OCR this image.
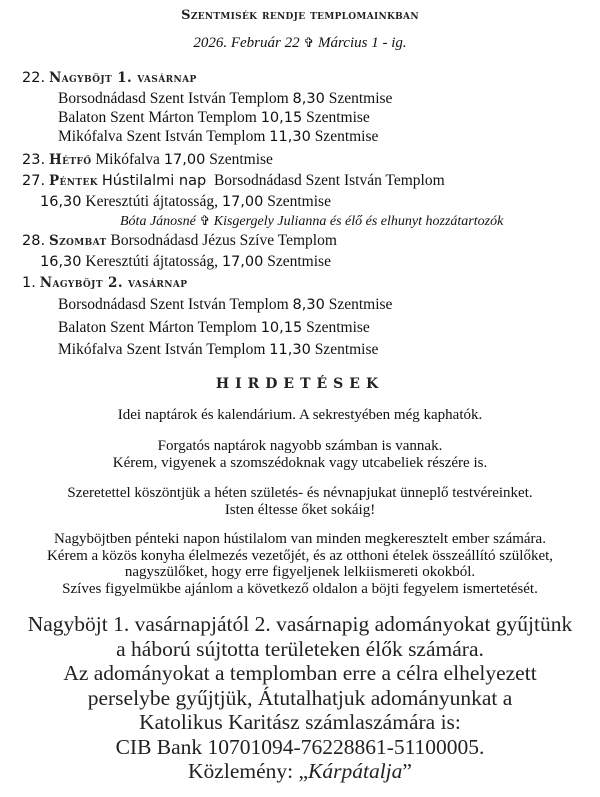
Szentmisék rendje templomainkban
2026. Február 22 ✞ Március 1 - ig.
22. Nagyböjt 1. vasárnap
Borsodnádasd Szent István Templom 8,30 Szentmise
Balaton Szent Márton Templom 10,15 Szentmise
Mikófalva Szent István Templom 11,30 Szentmise
23. Hétfő Mikófalva 17,00 Szentmise
27. Péntek Hústilalmi nap Borsodnádasd Szent István Templom
16,30 Keresztúti ájtatosság, 17,00 Szentmise
Bóta Jánosné ✞ Kisgergely Julianna és élő és elhunyt hozzátartozók
28. Szombat Borsodnádasd Jézus Szíve Templom
16,30 Keresztúti ájtatosság, 17,00 Szentmise
1. Nagyböjt 2. vasárnap
Borsodnádasd Szent István Templom 8,30 Szentmise
Balaton Szent Márton Templom 10,15 Szentmise
Mikófalva Szent István Templom 11,30 Szentmise
HIRDETÉSEK
Idei naptárok és kalendárium. A sekrestyében még kaphatók.
Forgatós naptárok nagyobb számban is vannak.
Kérem, vigyenek a szomszédoknak vagy utcabeliek részére is.
Szeretettel köszöntjük a héten születés- és névnapjukat ünneplő testvéreinket.
Isten éltesse őket sokáig!
Nagyböjtben pénteki napon hústilalom van minden megkeresztelt ember számára.
Kérem a közös konyha élelmezés vezetőjét, és az otthoni ételek összeállító szülőket,
nagyszülőket, hogy erre figyeljenek lelkiismereti okokból.
Szíves figyelmükbe ajánlom a következő oldalon a böjti fegyelem ismertetését.
Nagyböjt 1. vasárnapjától 2. vasárnapig adományokat gyűjtünk
a háború sújtotta területeken élők számára.
Az adományokat a templomban erre a célra elhelyezett
perselybe gyűjtjük, Átutalhatjuk adományunkat a
Katolikus Karitász számlaszámára is:
CIB Bank 10701094-76228861-51100005.
Közlemény: „Kárpátalja”
